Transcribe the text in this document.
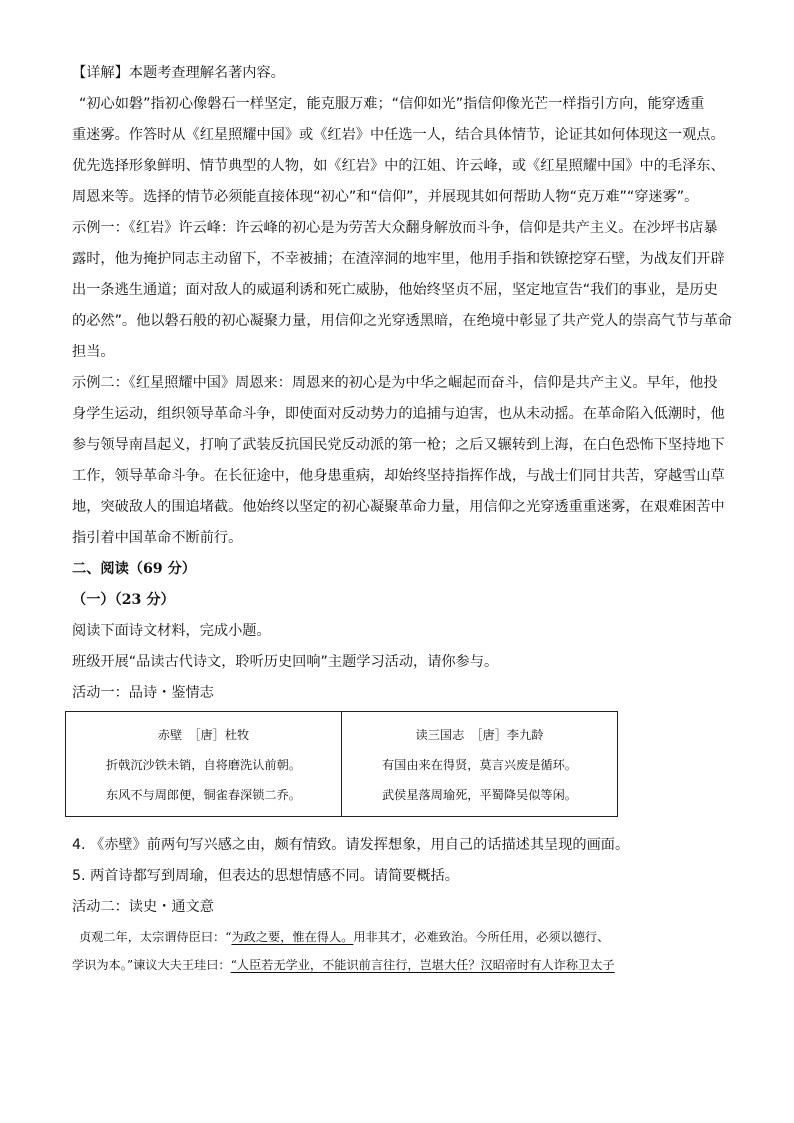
【详解】本题考查理解名著内容。
“初心如磐”指初心像磐石一样坚定，能克服万难；“信仰如光”指信仰像光芒一样指引方向，能穿透重
重迷雾。作答时从《红星照耀中国》或《红岩》中任选一人，结合具体情节，论证其如何体现这一观点。
优先选择形象鲜明、情节典型的人物，如《红岩》中的江姐、许云峰，或《红星照耀中国》中的毛泽东、
周恩来等。选择的情节必须能直接体现“初心”和“信仰”，并展现其如何帮助人物“克万难”“穿迷雾”。
示例一：《红岩》许云峰：许云峰的初心是为劳苦大众翻身解放而斗争，信仰是共产主义。在沙坪书店暴
露时，他为掩护同志主动留下，不幸被捕；在渣滓洞的地牢里，他用手指和铁镣挖穿石壁，为战友们开辟
出一条逃生通道；面对敌人的威逼利诱和死亡威胁，他始终坚贞不屈，坚定地宣告“我们的事业，是历史
的必然”。他以磐石般的初心凝聚力量，用信仰之光穿透黑暗，在绝境中彰显了共产党人的崇高气节与革命
担当。
示例二：《红星照耀中国》周恩来：周恩来的初心是为中华之崛起而奋斗，信仰是共产主义。早年，他投
身学生运动，组织领导革命斗争，即使面对反动势力的追捕与迫害，也从未动摇。在革命陷入低潮时，他
参与领导南昌起义，打响了武装反抗国民党反动派的第一枪；之后又辗转到上海，在白色恐怖下坚持地下
工作，领导革命斗争。在长征途中，他身患重病，却始终坚持指挥作战，与战士们同甘共苦，穿越雪山草
地，突破敌人的围追堵截。他始终以坚定的初心凝聚革命力量，用信仰之光穿透重重迷雾，在艰难困苦中
指引着中国革命不断前行。
二、阅读（69 分）
（一）（23 分）
阅读下面诗文材料，完成小题。
班级开展“品读古代诗文，聆听历史回响”主题学习活动，请你参与。
活动一：品诗・鉴情志
赤壁　［唐］杜牧
折戟沉沙铁未销，自将磨洗认前朝。
东风不与周郎便，铜雀春深锁二乔。

读三国志　［唐］李九龄
有国由来在得贤，莫言兴废是循环。
武侯星落周瑜死，平蜀降吴似等闲。
4. 《赤壁》前两句写兴感之由，颇有情致。请发挥想象，用自己的话描述其呈现的画面。
5. 两首诗都写到周瑜，但表达的思想情感不同。请简要概括。
活动二：读史・通文意
贞观二年，太宗谓侍臣曰：“为政之要，惟在得人。用非其才，必难致治。今所任用，必须以德行、
学识为本。”谏议大夫王珪曰：“人臣若无学业，不能识前言往行，岂堪大任？汉昭帝时有人诈称卫太子
